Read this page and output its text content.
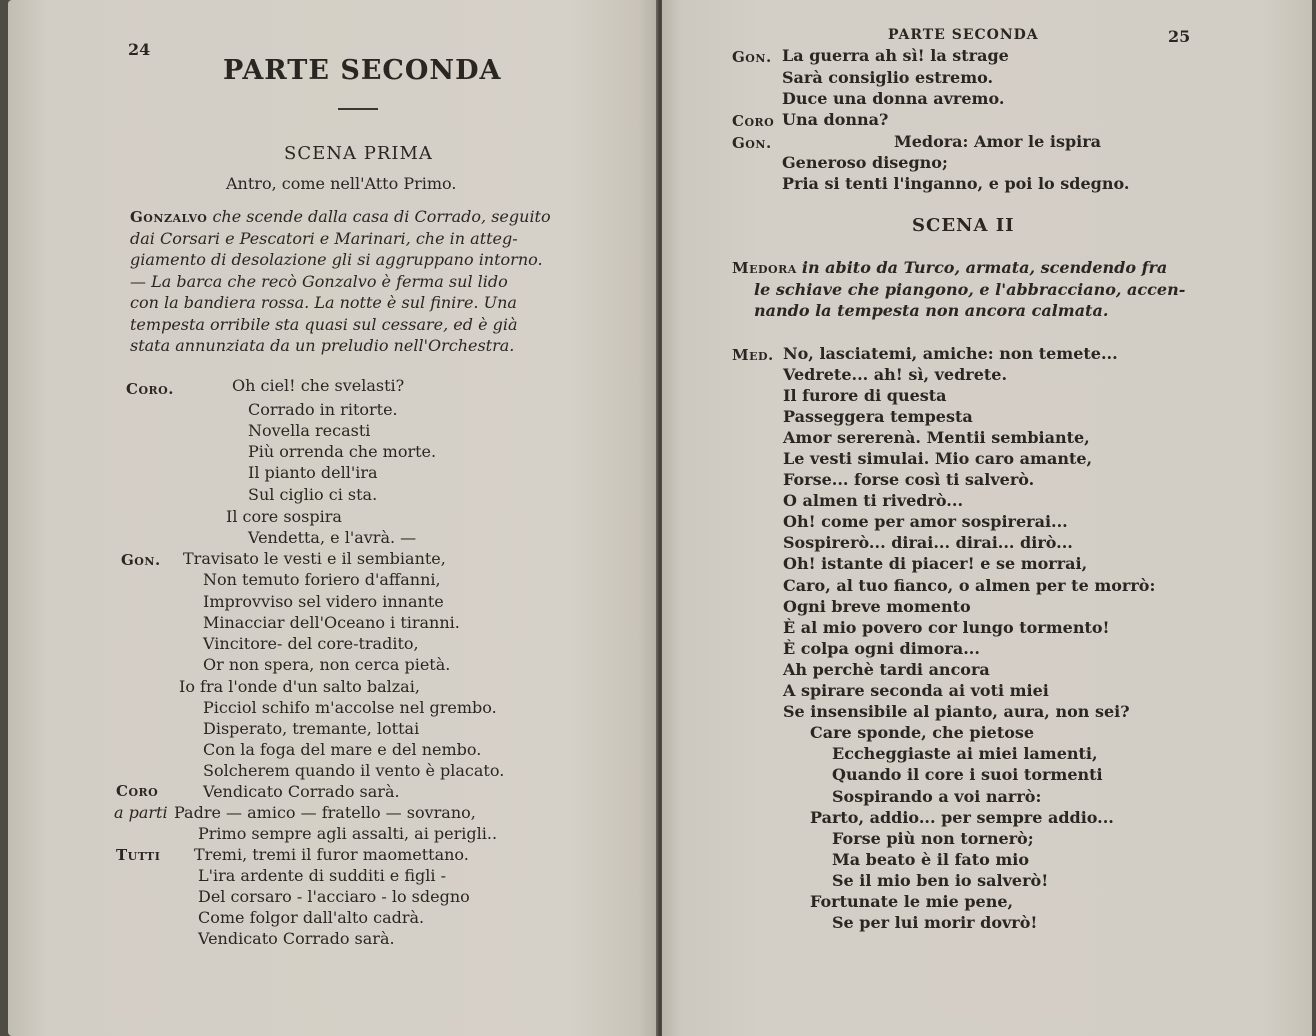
24
PARTE SECONDA
SCENA PRIMA
Antro, come nell'Atto Primo.
Gonzalvo che scende dalla casa di Corrado, seguito
dai Corsari e Pescatori e Marinari, che in atteg-
giamento di desolazione gli si aggruppano intorno.
— La barca che recò Gonzalvo è ferma sul lido
con la bandiera rossa. La notte è sul finire. Una
tempesta orribile sta quasi sul cessare, ed è già
stata annunziata da un preludio nell'Orchestra.
Coro.	Oh ciel! che svelasti?
Corrado in ritorte.
Novella recasti
Più orrenda che morte.
Il pianto dell'ira
Sul ciglio ci sta.
Il core sospira
Vendetta, e l'avrà. —
Gon. Travisato le vesti e il sembiante,
Non temuto foriero d'affanni,
Improvviso sel videro innante
Minacciar dell'Oceano i tiranni.
Vincitore- del core-tradito,
Or non spera, non cerca pietà.
Io fra l'onde d'un salto balzai,
Picciol schifo m'accolse nel grembo.
Disperato, tremante, lottai
Con la foga del mare e del nembo.
Solcherem quando il vento è placato.
Coro	Vendicato Corrado sarà.
a parti Padre — amico — fratello — sovrano,
Primo sempre agli assalti, ai perigli..
Tutti Tremi, tremi il furor maomettano.
L'ira ardente di sudditi e figli -
Del corsaro - l'acciaro - lo sdegno
Come folgor dall'alto cadrà.
Vendicato Corrado sarà.
PARTE SECONDA	25
Gon. La guerra ah sì! la strage
Sarà consiglio estremo.
Duce una donna avremo.
Coro Una donna?
Gon.	Medora: Amor le ispira
Generoso disegno;
Pria si tenti l'inganno, e poi lo sdegno.
SCENA II
Medora in abito da Turco, armata, scendendo fra
le schiave che piangono, e l'abbracciano, accen-
nando la tempesta non ancora calmata.
Med. No, lasciatemi, amiche: non temete...
Vedrete... ah! sì, vedrete.
Il furore di questa
Passeggera tempesta
Amor sererenà. Mentii sembiante,
Le vesti simulai. Mio caro amante,
Forse... forse così ti salverò.
O almen ti rivedrò...
Oh! come per amor sospirerai...
Sospirerò... dirai... dirai... dirò...
Oh! istante di piacer! e se morrai,
Caro, al tuo fianco, o almen per te morrò:
Ogni breve momento
È al mio povero cor lungo tormento!
È colpa ogni dimora...
Ah perchè tardi ancora
A spirare seconda ai voti miei
Se insensibile al pianto, aura, non sei?
Care sponde, che pietose
Eccheggiaste ai miei lamenti,
Quando il core i suoi tormenti
Sospirando a voi narrò:
Parto, addio... per sempre addio...
Forse più non tornerò;
Ma beato è il fato mio
Se il mio ben io salverò!
Fortunate le mie pene,
Se per lui morir dovrò!
